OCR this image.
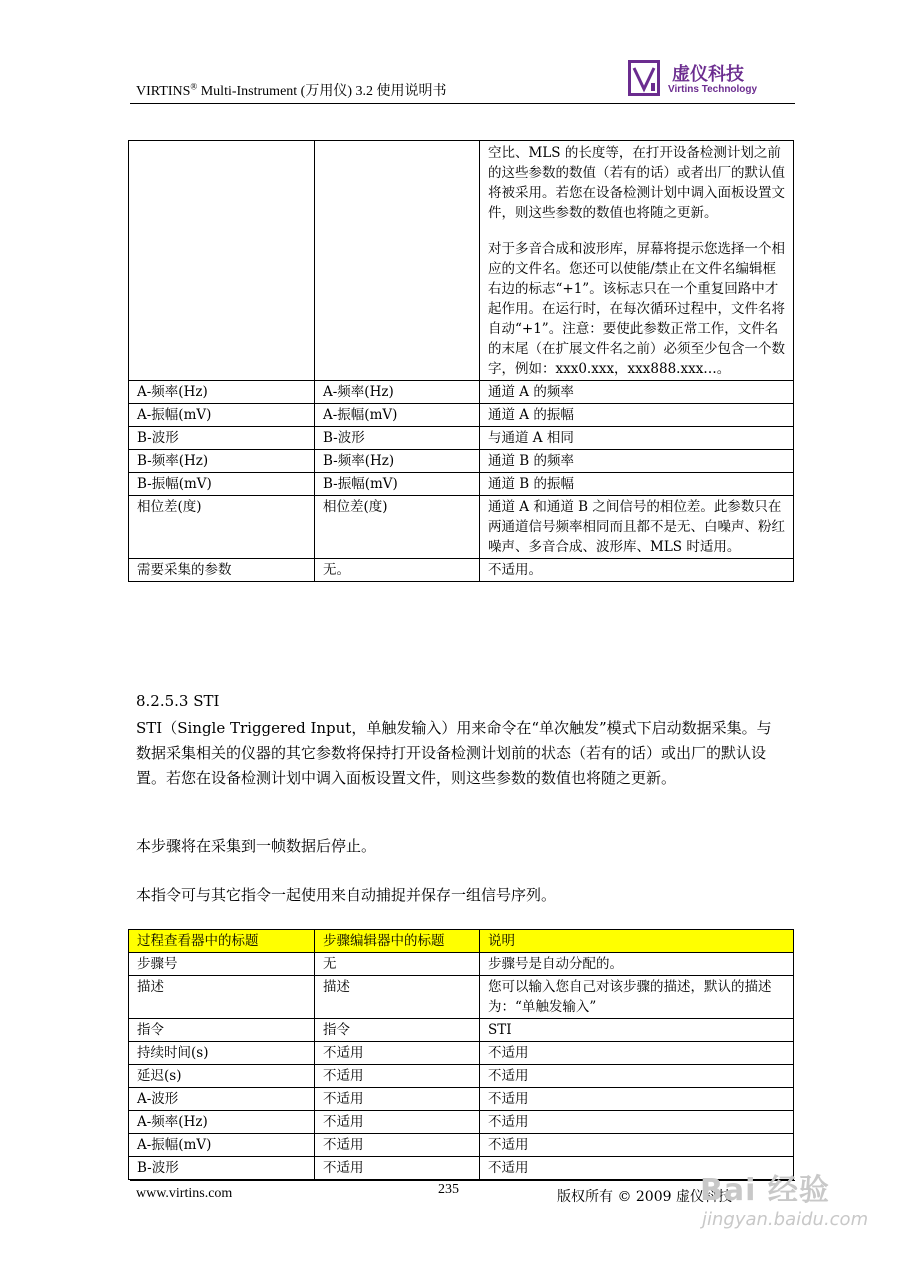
VIRTINS® Multi-Instrument (万用仪) 3.2 使用说明书
虚仪科技
Virtins Technology

		空比、MLS 的长度等，在打开设备检测计划之前的这些参数的数值（若有的话）或者出厂的默认值将被采用。若您在设备检测计划中调入面板设置文件，则这些参数的数值也将随之更新。
对于多音合成和波形库，屏幕将提示您选择一个相应的文件名。您还可以使能/禁止在文件名编辑框右边的标志“+1”。该标志只在一个重复回路中才起作用。在运行时，在每次循环过程中，文件名将自动“+1”。注意：要使此参数正常工作，文件名的末尾（在扩展文件名之前）必须至少包含一个数字，例如：xxx0.xxx，xxx888.xxx…。

A-频率(Hz)	A-频率(Hz)	通道 A 的频率
A-振幅(mV)	A-振幅(mV)	通道 A 的振幅
B-波形	B-波形	与通道 A 相同
B-频率(Hz)	B-频率(Hz)	通道 B 的频率
B-振幅(mV)	B-振幅(mV)	通道 B 的振幅
相位差(度)	相位差(度)	通道 A 和通道 B 之间信号的相位差。此参数只在两通道信号频率相同而且都不是无、白噪声、粉红噪声、多音合成、波形库、MLS 时适用。
需要采集的参数	无。	不适用。
8.2.5.3 STI
STI（Single Triggered Input，单触发输入）用来命令在“单次触发”模式下启动数据采集。与数据采集相关的仪器的其它参数将保持打开设备检测计划前的状态（若有的话）或出厂的默认设置。若您在设备检测计划中调入面板设置文件，则这些参数的数值也将随之更新。
本步骤将在采集到一帧数据后停止。
本指令可与其它指令一起使用来自动捕捉并保存一组信号序列。
过程查看器中的标题	步骤编辑器中的标题	说明
步骤号	无	步骤号是自动分配的。
描述	描述	您可以输入您自己对该步骤的描述，默认的描述为：“单触发输入”
指令	指令	STI
持续时间(s)	不适用	不适用
延迟(s)	不适用	不适用
A-波形	不适用	不适用
A-频率(Hz)	不适用	不适用
A-振幅(mV)	不适用	不适用
B-波形	不适用	不适用
www.virtins.com	235	版权所有 © 2009 虚仪科技
Bai 经验
jingyan.baidu.com
